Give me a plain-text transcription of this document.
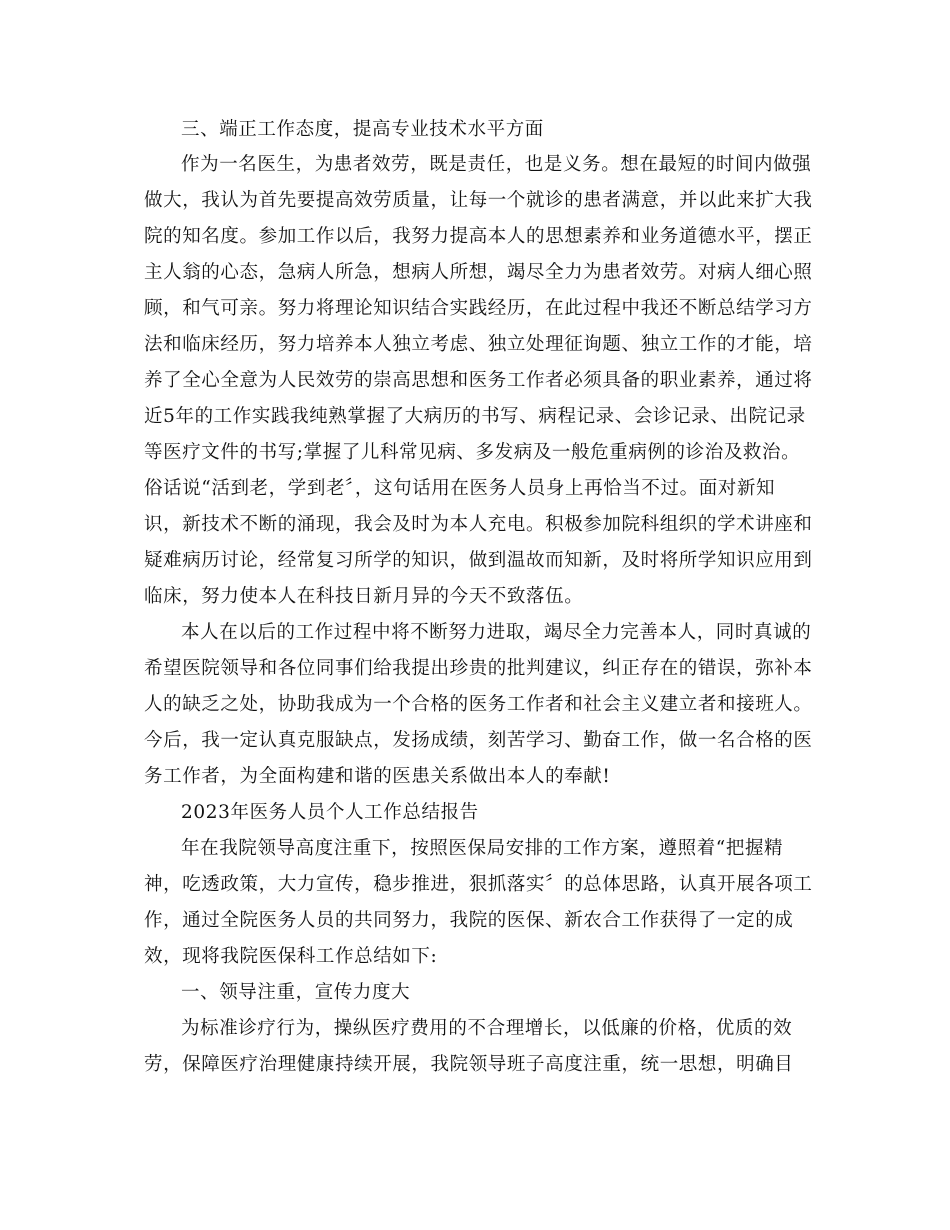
三、端正工作态度，提高专业技术水平方面
作为一名医生，为患者效劳，既是责任，也是义务。想在最短的时间内做强
做大，我认为首先要提高效劳质量，让每一个就诊的患者满意，并以此来扩大我
院的知名度。参加工作以后，我努力提高本人的思想素养和业务道德水平，摆正
主人翁的心态，急病人所急，想病人所想，竭尽全力为患者效劳。对病人细心照
顾，和气可亲。努力将理论知识结合实践经历，在此过程中我还不断总结学习方
法和临床经历，努力培养本人独立考虑、独立处理征询题、独立工作的才能，培
养了全心全意为人民效劳的崇高思想和医务工作者必须具备的职业素养，通过将
近5年的工作实践我纯熟掌握了大病历的书写、病程记录、会诊记录、出院记录
等医疗文件的书写;掌握了儿科常见病、多发病及一般危重病例的诊治及救治。
俗话说“活到老，学到老〞，这句话用在医务人员身上再恰当不过。面对新知
识，新技术不断的涌现，我会及时为本人充电。积极参加院科组织的学术讲座和
疑难病历讨论，经常复习所学的知识，做到温故而知新，及时将所学知识应用到
临床，努力使本人在科技日新月异的今天不致落伍。
本人在以后的工作过程中将不断努力进取，竭尽全力完善本人，同时真诚的
希望医院领导和各位同事们给我提出珍贵的批判建议，纠正存在的错误，弥补本
人的缺乏之处，协助我成为一个合格的医务工作者和社会主义建立者和接班人。
今后，我一定认真克服缺点，发扬成绩，刻苦学习、勤奋工作，做一名合格的医
务工作者，为全面构建和谐的医患关系做出本人的奉献!
2023年医务人员个人工作总结报告
年在我院领导高度注重下，按照医保局安排的工作方案，遵照着“把握精
神，吃透政策，大力宣传，稳步推进，狠抓落实〞的总体思路，认真开展各项工
作，通过全院医务人员的共同努力，我院的医保、新农合工作获得了一定的成
效，现将我院医保科工作总结如下:
一、领导注重，宣传力度大
为标准诊疗行为，操纵医疗费用的不合理增长，以低廉的价格，优质的效
劳，保障医疗治理健康持续开展，我院领导班子高度注重，统一思想，明确目
